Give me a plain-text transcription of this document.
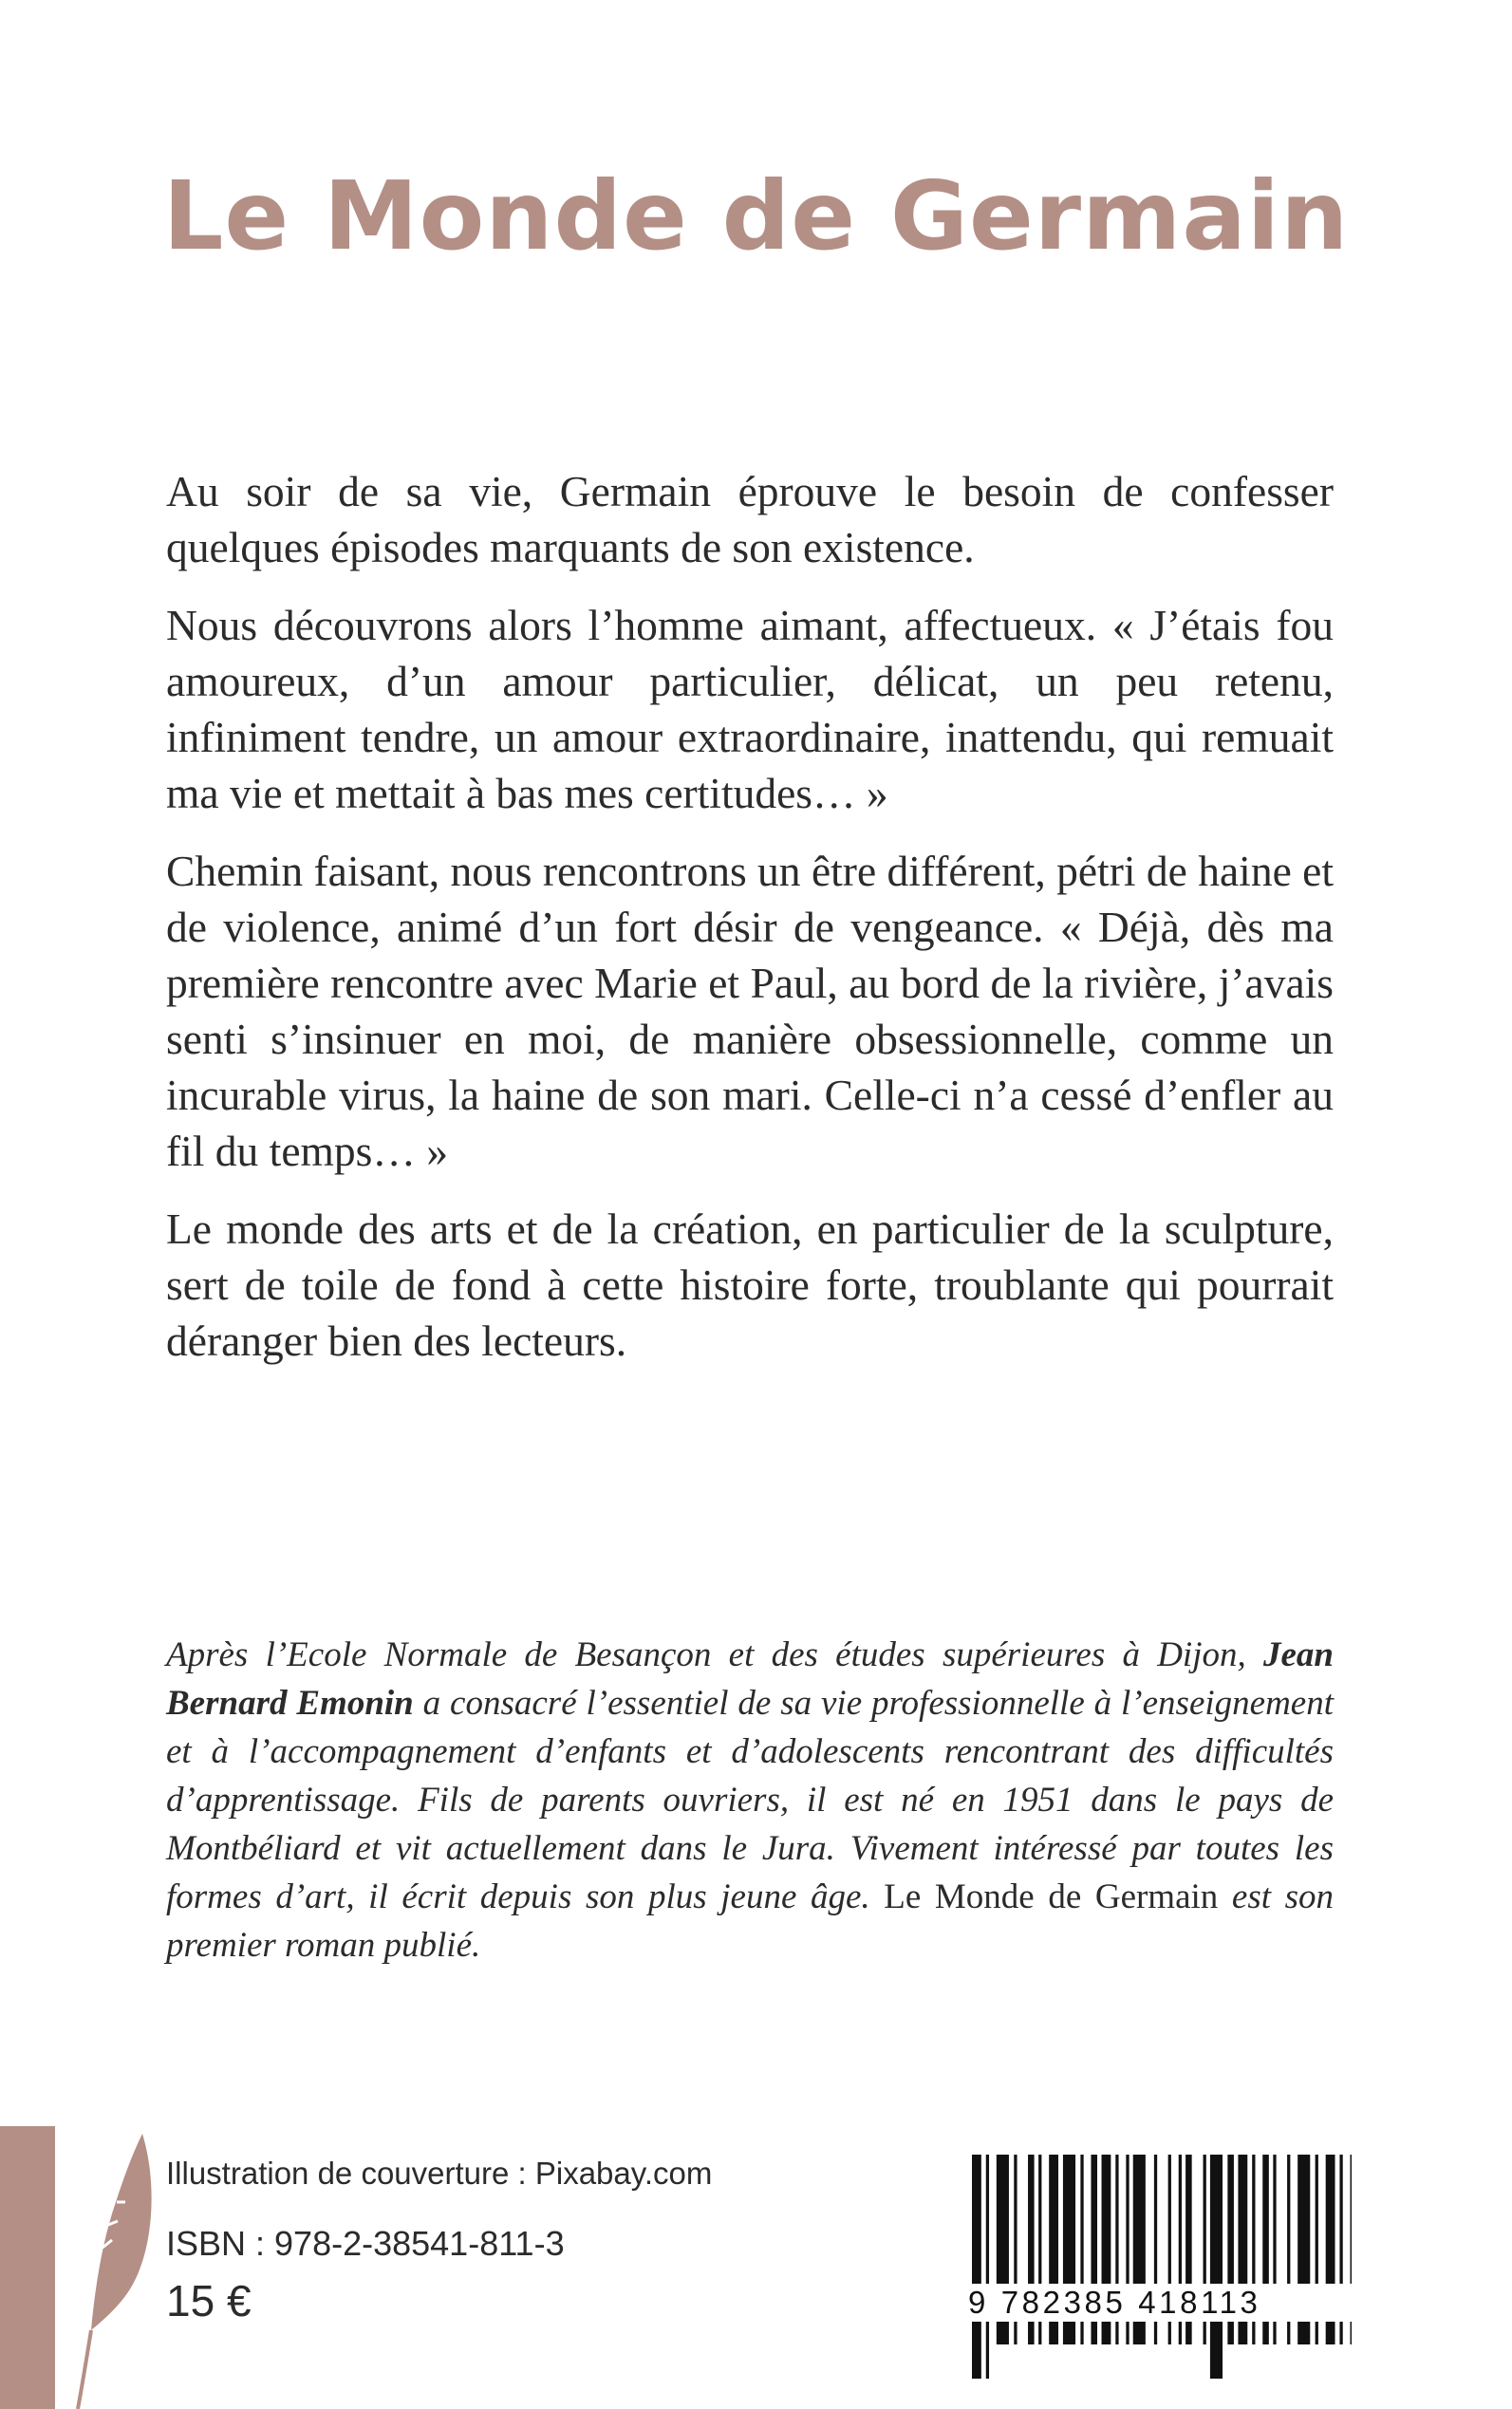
Le Monde de Germain

Au soir de sa vie, Germain éprouve le besoin de confesser quelques épisodes marquants de son existence.

Nous découvrons alors l’homme aimant, affectueux. « J’étais fou amoureux, d’un amour particulier, délicat, un peu retenu, infiniment tendre, un amour extraordinaire, inattendu, qui remuait ma vie et mettait à bas mes certitudes… »

Chemin faisant, nous rencontrons un être différent, pétri de haine et de violence, animé d’un fort désir de vengeance. « Déjà, dès ma première rencontre avec Marie et Paul, au bord de la rivière, j’avais senti s’insinuer en moi, de manière obsessionnelle, comme un incurable virus, la haine de son mari. Celle-ci n’a cessé d’enfler au fil du temps… »

Le monde des arts et de la création, en particulier de la sculpture, sert de toile de fond à cette histoire forte, troublante qui pourrait déranger bien des lecteurs.

Après l’Ecole Normale de Besançon et des études supérieures à Dijon, Jean Bernard Emonin a consacré l’essentiel de sa vie professionnelle à l’enseignement et à l’accompagnement d’enfants et d’adolescents rencontrant des difficultés d’apprentissage. Fils de parents ouvriers, il est né en 1951 dans le pays de Montbéliard et vit actuellement dans le Jura. Vivement intéressé par toutes les formes d’art, il écrit depuis son plus jeune âge. Le Monde de Germain est son premier roman publié.

Illustration de couverture : Pixabay.com

ISBN : 978-2-38541-811-3

15 €	9 782385 418113
